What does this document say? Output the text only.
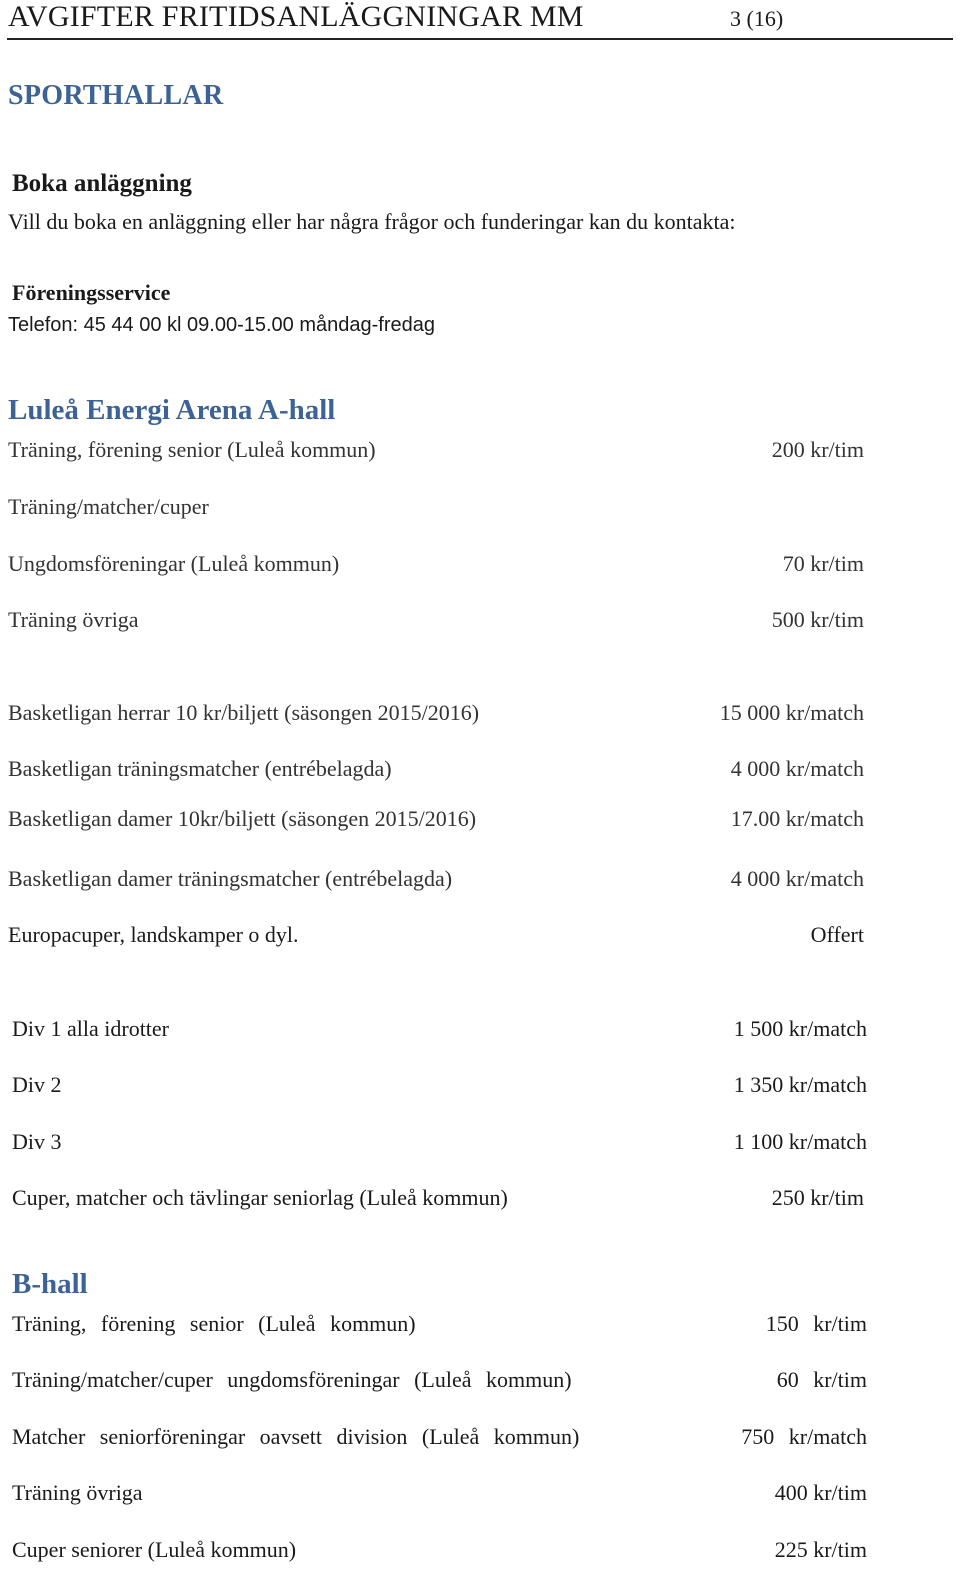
AVGIFTER FRITIDSANLÄGGNINGAR MM	3 (16)
SPORTHALLAR
Boka anläggning
Vill du boka en anläggning eller har några frågor och funderingar kan du kontakta:
Föreningsservice
Telefon: 45 44 00 kl 09.00-15.00 måndag-fredag
Luleå Energi Arena A-hall
Träning, förening senior (Luleå kommun)	200 kr/tim
Träning/matcher/cuper
Ungdomsföreningar (Luleå kommun)	70 kr/tim
Träning övriga	500 kr/tim
Basketligan herrar 10 kr/biljett (säsongen 2015/2016)	15 000 kr/match
Basketligan träningsmatcher (entrébelagda)	4 000 kr/match
Basketligan damer 10kr/biljett (säsongen 2015/2016)	17.00 kr/match
Basketligan damer träningsmatcher (entrébelagda)	4 000 kr/match
Europacuper, landskamper o dyl.	Offert
Div 1 alla idrotter	1 500 kr/match
Div 2	1 350 kr/match
Div 3	1 100 kr/match
Cuper, matcher och tävlingar seniorlag (Luleå kommun)	250 kr/tim
B-hall
Träning, förening senior (Luleå kommun)	150 kr/tim
Träning/matcher/cuper ungdomsföreningar (Luleå kommun)	60 kr/tim
Matcher seniorföreningar oavsett division (Luleå kommun)	750 kr/match
Träning övriga	400 kr/tim
Cuper seniorer (Luleå kommun)	225 kr/tim
